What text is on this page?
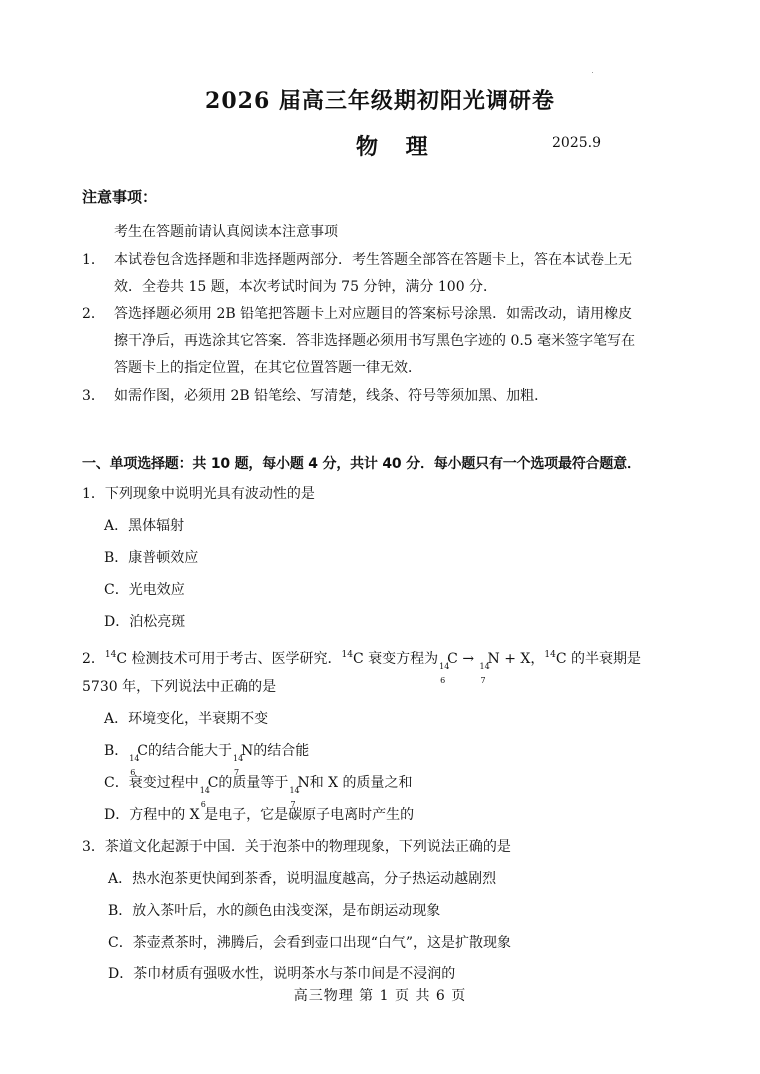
2026 届高三年级期初阳光调研卷
物 理	2025.9
注意事项：
考生在答题前请认真阅读本注意事项
1． 本试卷包含选择题和非选择题两部分．考生答题全部答在答题卡上，答在本试卷上无
效．全卷共 15 题，本次考试时间为 75 分钟，满分 100 分．
2． 答选择题必须用 2B 铅笔把答题卡上对应题目的答案标号涂黑．如需改动，请用橡皮
擦干净后，再选涂其它答案．答非选择题必须用书写黑色字迹的 0.5 毫米签字笔写在
答题卡上的指定位置，在其它位置答题一律无效．
3． 如需作图，必须用 2B 铅笔绘、写清楚，线条、符号等须加黑、加粗．
一、单项选择题：共 10 题，每小题 4 分，共计 40 分．每小题只有一个选项最符合题意．
1．下列现象中说明光具有波动性的是
A．黑体辐射
B．康普顿效应
C．光电效应
D．泊松亮斑
2．$^{14}$C 检测技术可用于考古、医学研究．$^{14}$C 衰变方程为 14
6
C → 14
7
N + X，$^{14}$C 的半衰期是
5730 年，下列说法中正确的是
A．环境变化，半衰期不变
B． 14
6
C的结合能大于 14
7
N的结合能
C．衰变过程中 14
6
C的质量等于 14
7
N和 X 的质量之和
D．方程中的 X 是电子，它是碳原子电离时产生的
3．茶道文化起源于中国．关于泡茶中的物理现象，下列说法正确的是
A．热水泡茶更快闻到茶香，说明温度越高，分子热运动越剧烈
B．放入茶叶后，水的颜色由浅变深，是布朗运动现象
C．茶壶煮茶时，沸腾后，会看到壶口出现“白气”，这是扩散现象
D．茶巾材质有强吸水性，说明茶水与茶巾间是不浸润的
高三物理 第 1 页 共 6 页
